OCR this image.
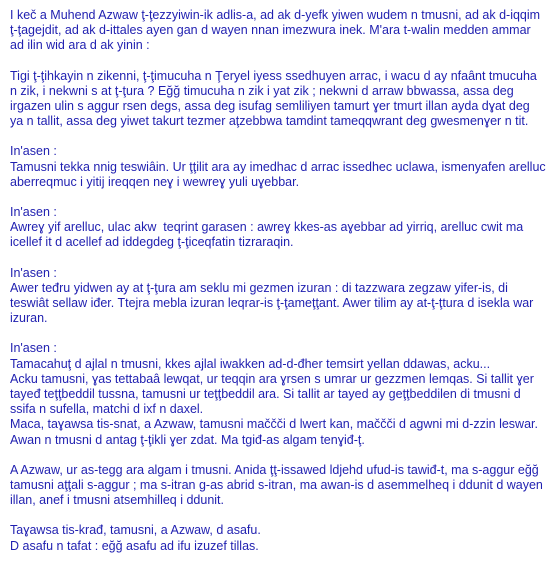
I keč a Muhend Azwaw ţ-ţezzyiwin-ik adlis-a, ad ak d-yefk yiwen wudem n tmusni, ad ak d-iqqim ţ-ţagejdit, ad ak d-ittales ayen gan d wayen nnan imezwura inek. M'ara t-walin medden ammar ad ilin wid ara d ak yinin :

Tigi ţ-ţihkayin n zikenni, ţ-ţimucuha n Ţeryel iyess ssedhuyen arrac, i wacu d ay nfaânt tmucuha n zik, i nekwni s at ţ-ţura ? Eğğ timucuha n zik i yat zik ; nekwni d arraw bbwassa, assa deg irgazen ulin s aggur rsen degs, assa deg isufag semliliyen tamurt ɣer tmurt illan ayda dɣat deg ya n tallit, assa deg yiwet takurt tezmer aţzebbwa tamdint tameqqwrant deg gwesmenɣer n tit.

In'asen :
Tamusni tekka nnig teswiâin. Ur ţţilit ara ay imedhac d arrac issedhec uclawa, ismenyafen arelluc aberreqmuc i yitij ireqqen neɣ i wewreɣ yuli uɣebbar.
In'asen :
Awreɣ yif arelluc, ulac akw  teqrint garasen : awreɣ kkes-as aɣebbar ad yirriq, arelluc cwit ma icellef it d acellef ad iddegdeg ţ-ţiceqfatin tizraraqin.
In'asen :
Awer teđru yidwen ay at ţ-ţura am seklu mi gezmen izuran : di tazzwara zegzaw yifer-is, di teswiât sellaw iđer. Ttejra mebla izuran leqrar-is ţ-ţameţţant. Awer tilim ay at-ţ-ţtura d isekla war izuran.
In'asen :
Tamacahuţ d ajlal n tmusni, kkes ajlal iwakken ad-d-đher temsirt yellan ddawas, acku...
Acku tamusni, ɣas tettabaâ lewqat, ur teqqin ara ɣrsen s umrar ur gezzmen lemqas. Si tallit ɣer tayeđ teţţbeddil tussna, tamusni ur teţţbeddil ara. Si tallit ar tayed ay geţţbeddilen di tmusni d ssifa n sufella, matchi d ixf n daxel.
Maca, taɣawsa tis-snat, a Azwaw, tamusni maččči d lwert kan, maččči d agwni mi d-zzin leswar. Awan n tmusni d antag ţ-ţikli ɣer zdat. Ma tgiđ-as algam tenɣiđ-ţ.

A Azwaw, ur as-tegg ara algam i tmusni. Anida ţţ-issawed ldjehd ufud-is tawiđ-t, ma s-aggur eğğ tamusni aţţali s-aggur ; ma s-itran g-as abrid s-itran, ma awan-is d asemmelheq i ddunit d wayen illan, anef i tmusni atsemhilleq i ddunit.

Taɣawsa tis-krađ, tamusni, a Azwaw, d asafu.
D asafu n tafat : eğğ asafu ad ifu izuzef tillas.
